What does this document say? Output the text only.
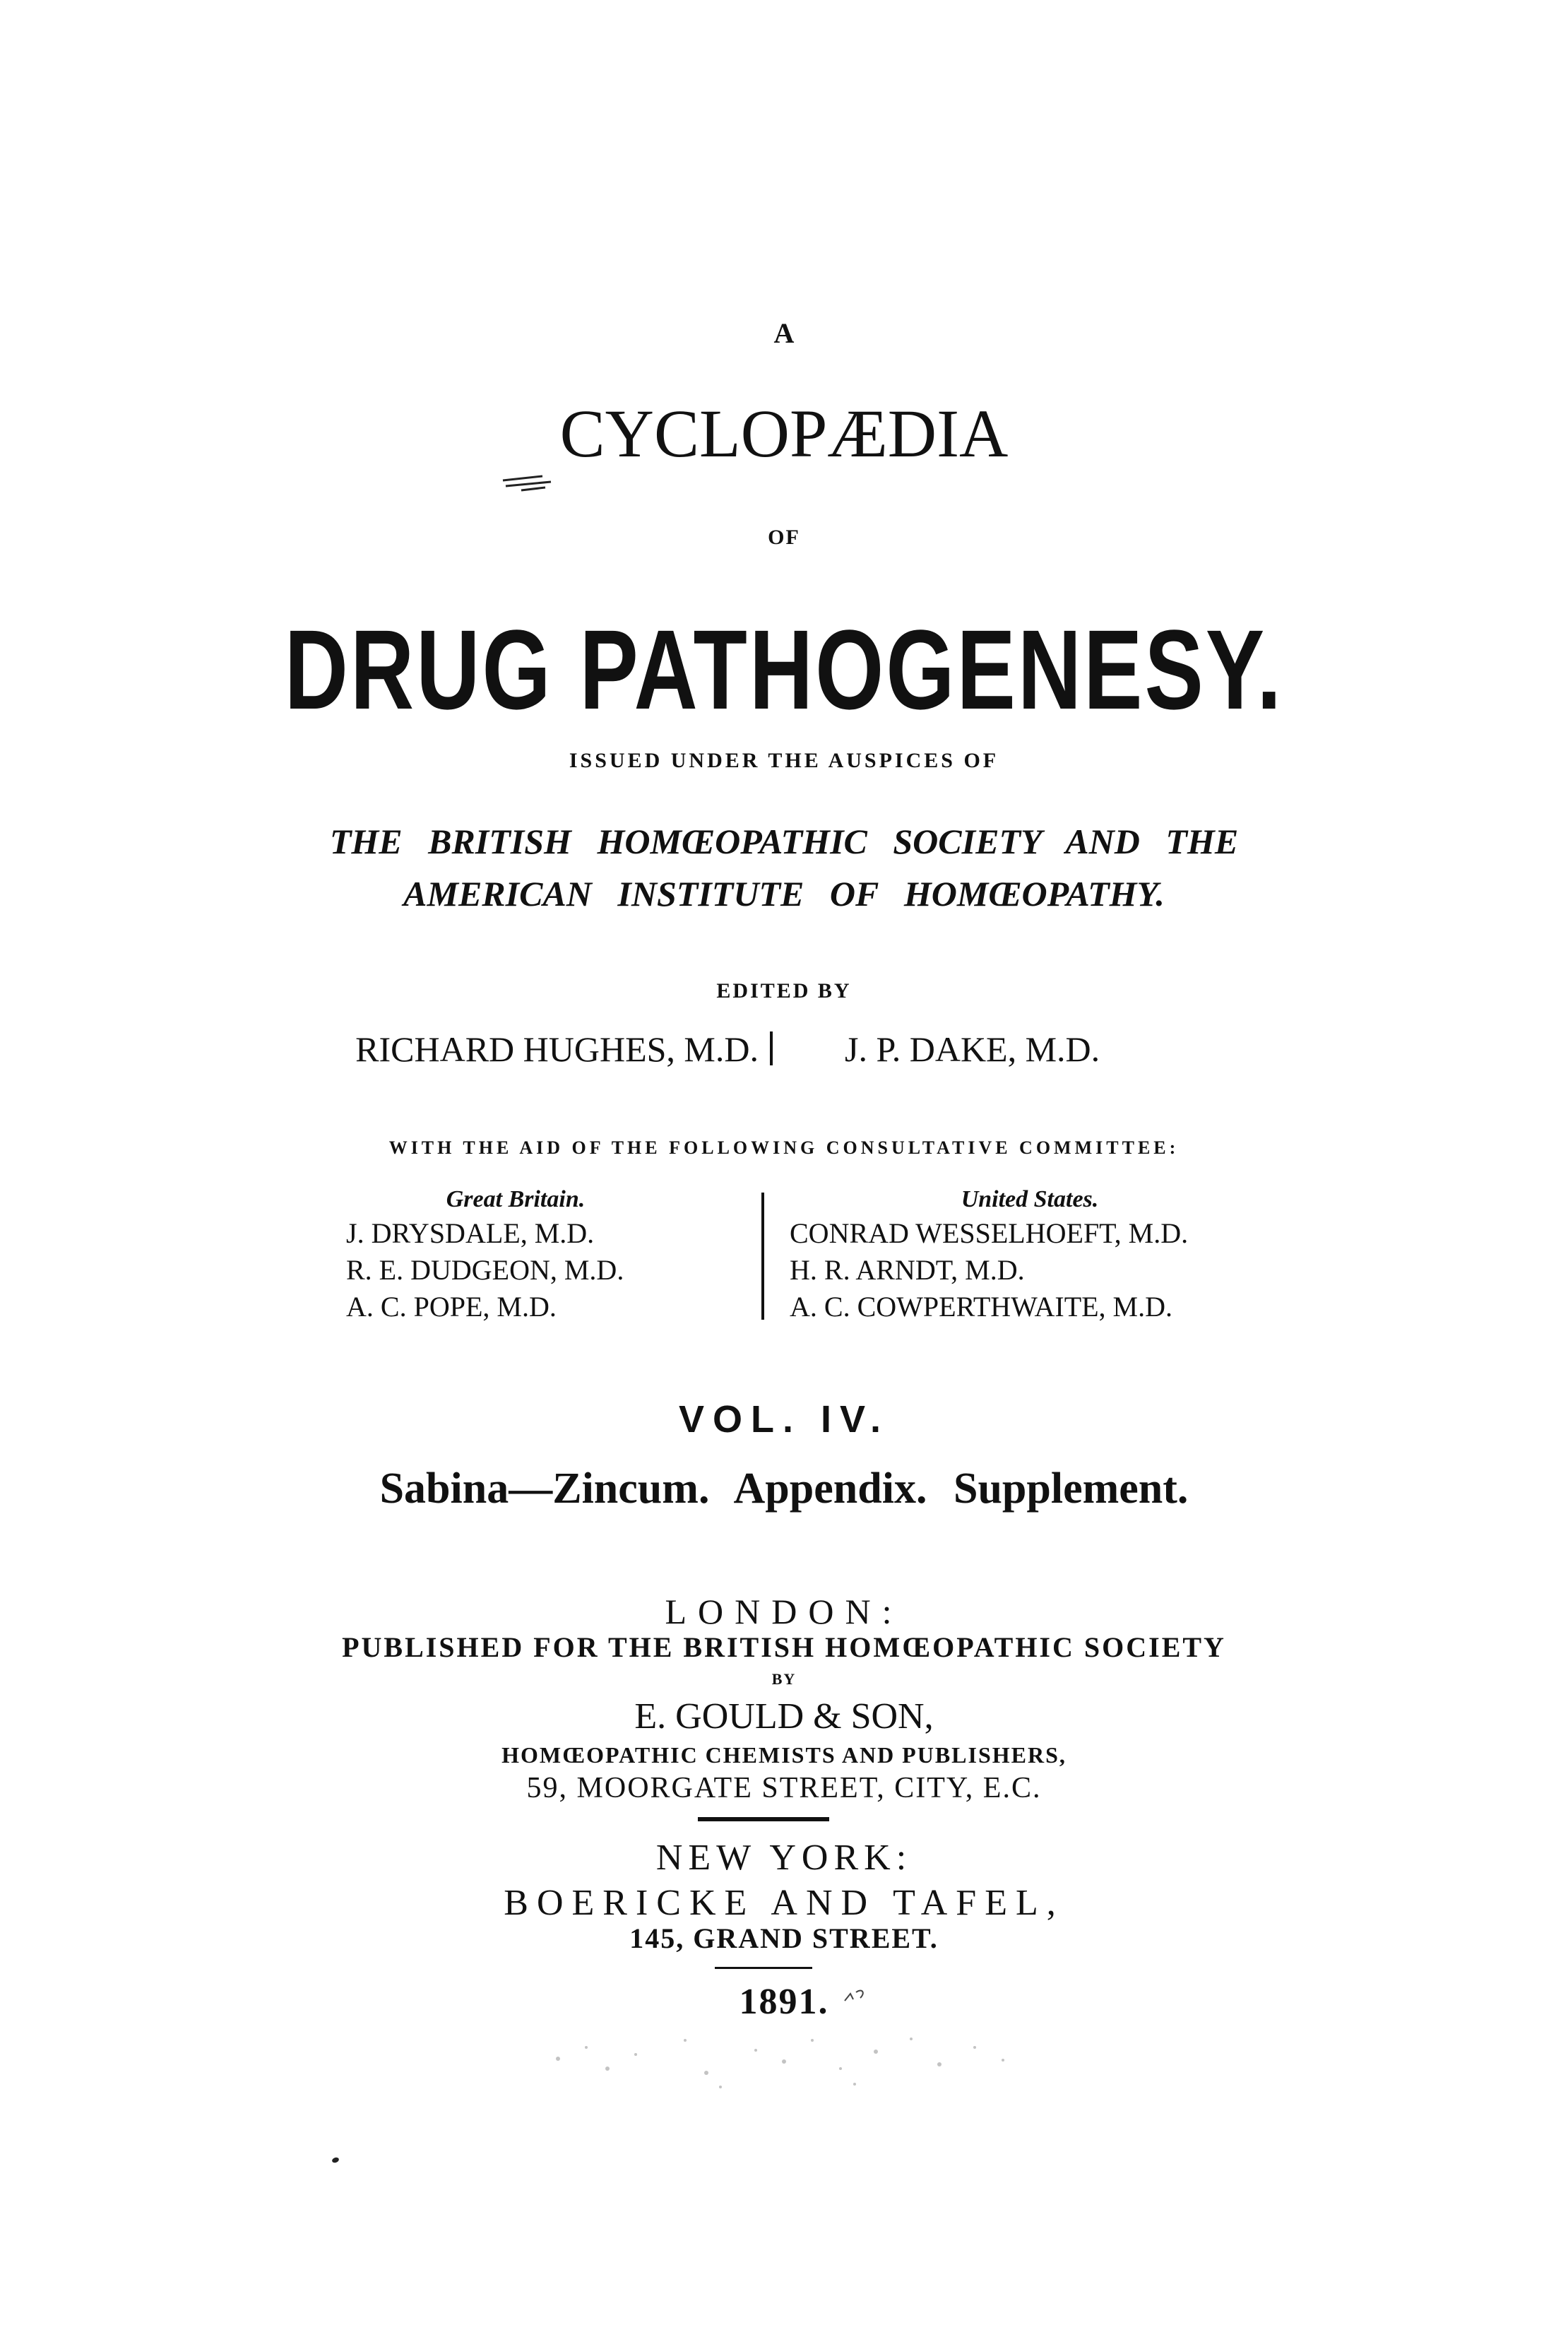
A
CYCLOPÆDIA
OF
DRUG PATHOGENESY.
ISSUED UNDER THE AUSPICES OF
THE BRITISH HOMŒOPATHIC SOCIETY AND THE
AMERICAN INSTITUTE OF HOMŒOPATHY.
EDITED BY
RICHARD HUGHES, M.D. J. P. DAKE, M.D.
WITH THE AID OF THE FOLLOWING CONSULTATIVE COMMITTEE:
Great Britain.
J. DRYSDALE, M.D.
R. E. DUDGEON, M.D.
A. C. POPE, M.D.
United States.
CONRAD WESSELHOEFT, M.D.
H. R. ARNDT, M.D.
A. C. COWPERTHWAITE, M.D.
VOL. IV.
Sabina—Zincum. Appendix. Supplement.
LONDON:
PUBLISHED FOR THE BRITISH HOMŒOPATHIC SOCIETY
BY
E. GOULD & SON,
HOMŒOPATHIC CHEMISTS AND PUBLISHERS,
59, MOORGATE STREET, CITY, E.C.
NEW YORK:
BOERICKE AND TAFEL,
145, GRAND STREET.
1891.
